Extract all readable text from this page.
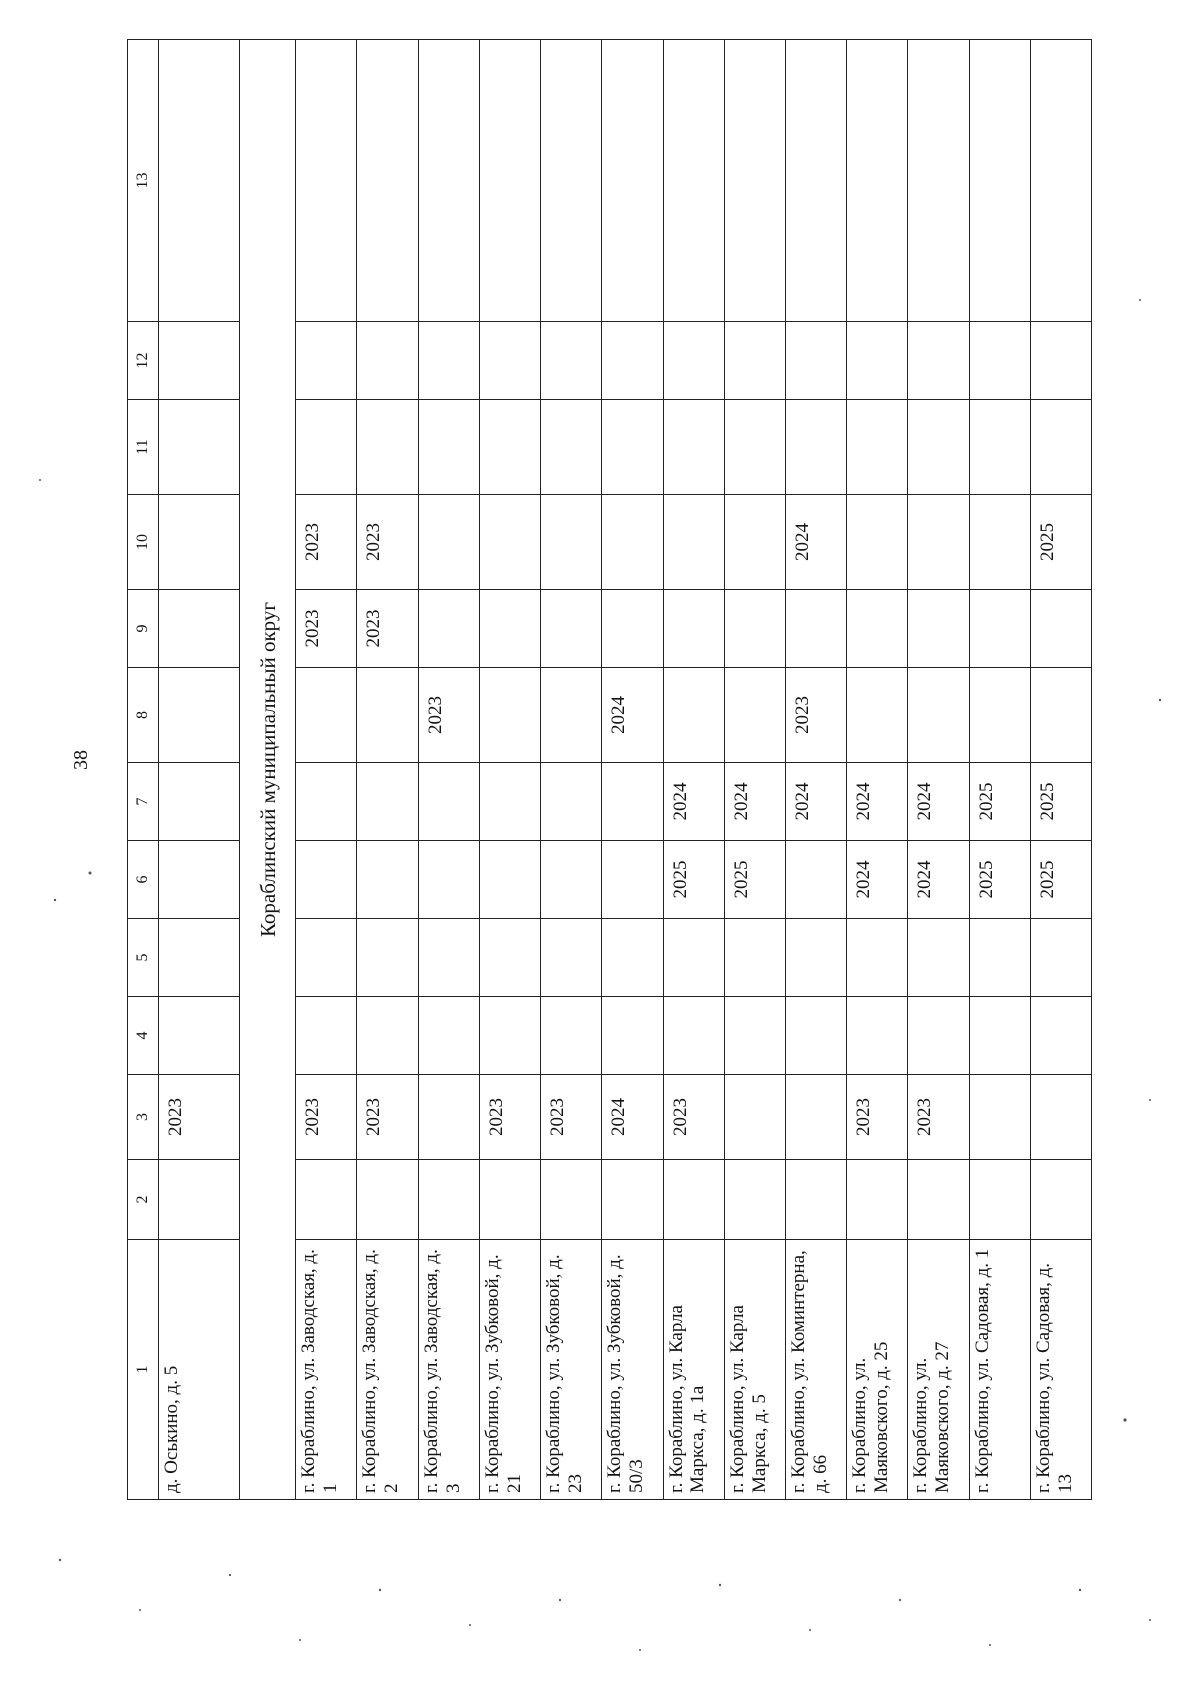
38
1	2	3	4	5	6	7	8	9	10	11	12	13
д. Оськино, д. 5		2023										
Кораблинский муниципальный округ												
г. Кораблино, ул. Заводская, д. 1		2023						2023	2023			
г. Кораблино, ул. Заводская, д. 2		2023						2023	2023			
г. Кораблино, ул. Заводская, д. 3							2023					
г. Кораблино, ул. Зубковой, д. 21		2023										
г. Кораблино, ул. Зубковой, д. 23		2023										
г. Кораблино, ул. Зубковой, д. 50/3		2024					2024					
г. Кораблино, ул. Карла Маркса, д. 1а		2023			2025	2024						
г. Кораблино, ул. Карла Маркса, д. 5					2025	2024						
г. Кораблино, ул. Коминтерна, д. 66						2024	2023		2024			
г. Кораблино, ул. Маяковского, д. 25		2023			2024	2024						
г. Кораблино, ул. Маяковского, д. 27		2023			2024	2024						
г. Кораблино, ул. Садовая, д. 1					2025	2025						
г. Кораблино, ул. Садовая, д. 13					2025	2025			2025			
